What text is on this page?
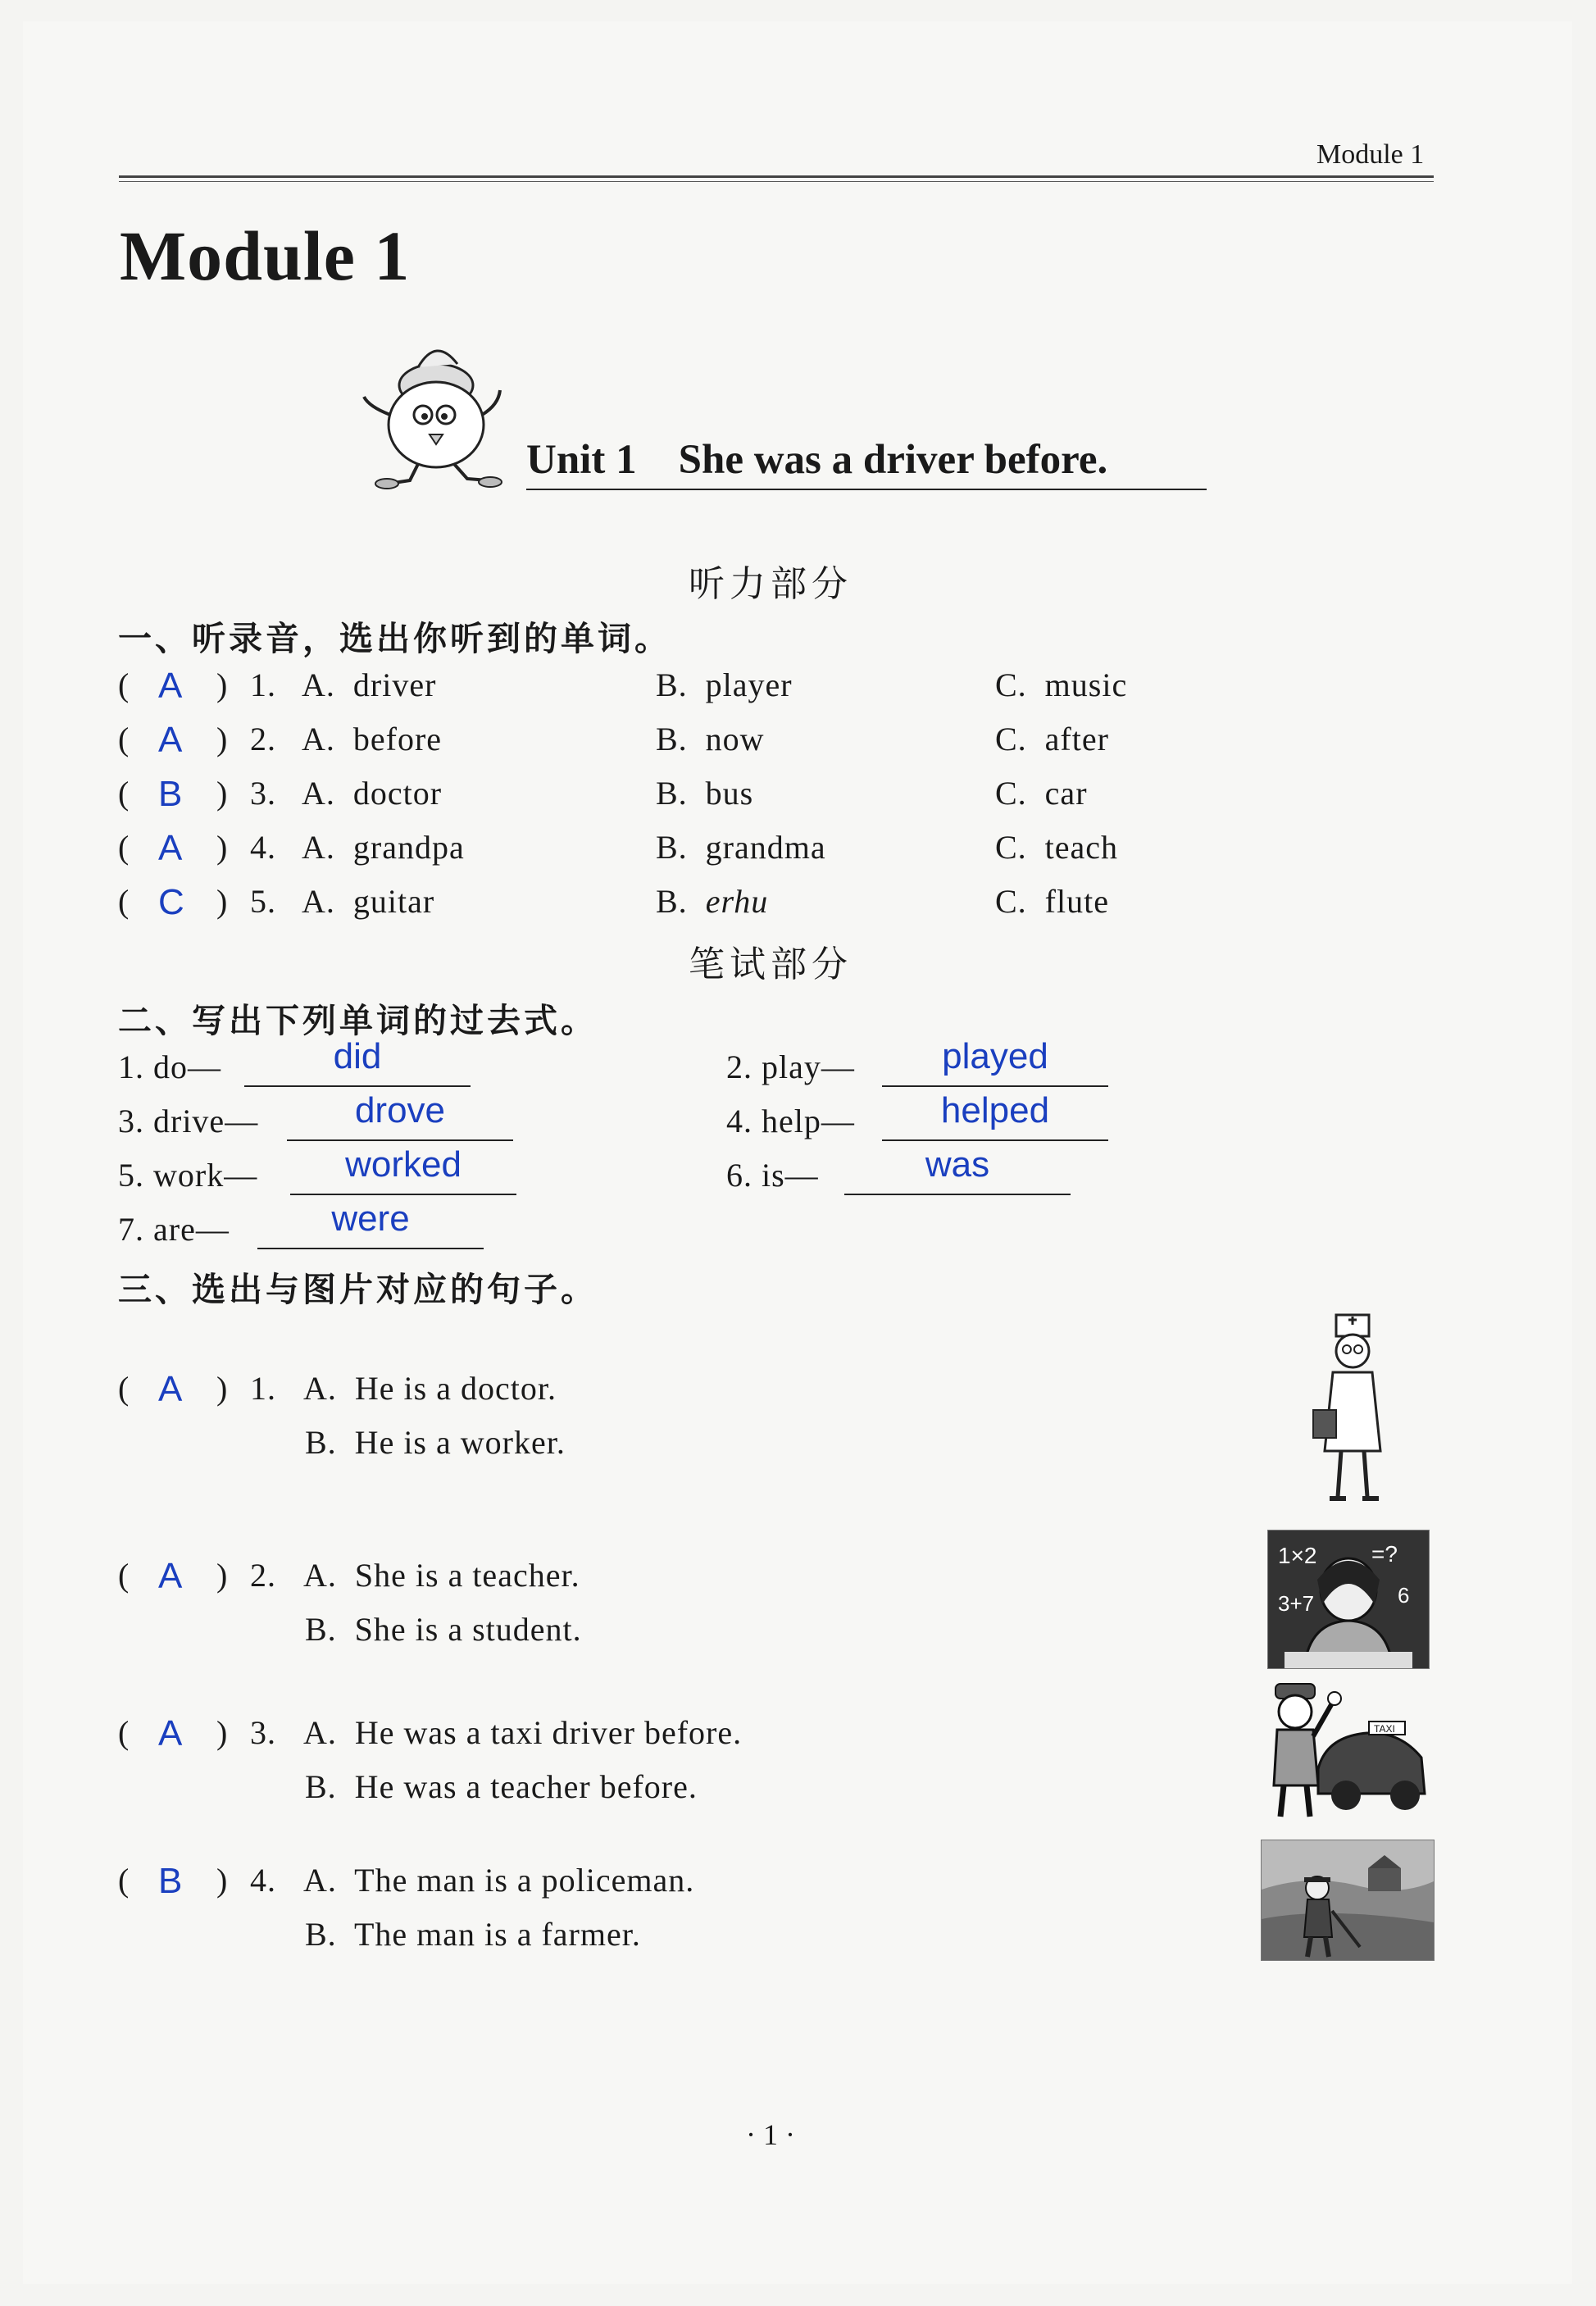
Module 1
Module 1
Unit 1    She was a driver before.
听力部分
一、听录音，选出你听到的单词。
( A ) 1. A.  driver	B.  player	C.  music
( A ) 2. A.  before	B.  now	C.  after
( B ) 3. A.  doctor	B.  bus	C.  car
( A ) 4. A.  grandpa	B.  grandma	C.  teach
( C ) 5. A.  guitar	B.  erhu	C.  flute
笔试部分
二、写出下列单词的过去式。
1. do—	did	2. play—	played
3. drive—	drove	4. help—	helped
5. work—	worked	6. is—	was
7. are—	were
三、选出与图片对应的句子。
( A ) 1. A.  He is a doctor.
B.  He is a worker.
( A ) 2. A.  She is a teacher.
B.  She is a student.
( A ) 3. A.  He was a taxi driver before.
B.  He was a teacher before.
( B ) 4. A.  The man is a policeman.
B.  The man is a farmer.
1×2 =?
3+7	6
TAXI
· 1 ·
